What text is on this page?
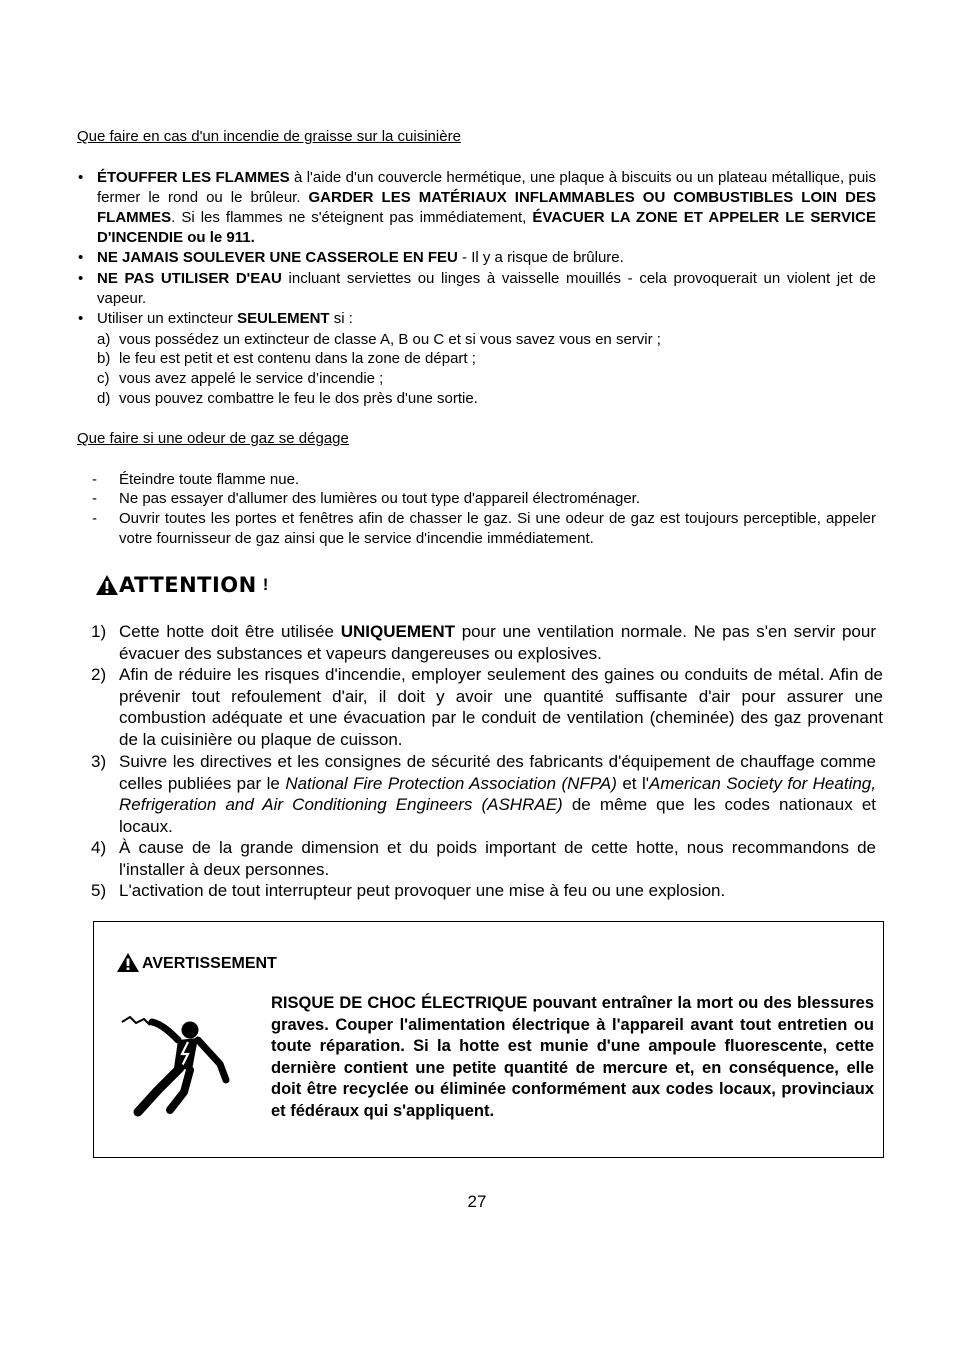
Que faire en cas d'un incendie de graisse sur la cuisinière
• ÉTOUFFER LES FLAMMES à l'aide d'un couvercle hermétique, une plaque à biscuits ou un plateau métallique, puis fermer le rond ou le brûleur. GARDER LES MATÉRIAUX INFLAMMABLES OU COMBUSTIBLES LOIN DES FLAMMES. Si les flammes ne s'éteignent pas immédiatement, ÉVACUER LA ZONE ET APPELER LE SERVICE D'INCENDIE ou le 911.
• NE JAMAIS SOULEVER UNE CASSEROLE EN FEU - Il y a risque de brûlure.
• NE PAS UTILISER D'EAU incluant serviettes ou linges à vaisselle mouillés - cela provoquerait un violent jet de vapeur.
• Utiliser un extincteur SEULEMENT si :
a) vous possédez un extincteur de classe A, B ou C et si vous savez vous en servir ;
b) le feu est petit et est contenu dans la zone de départ ;
c) vous avez appelé le service d’incendie ;
d) vous pouvez combattre le feu le dos près d'une sortie.
Que faire si une odeur de gaz se dégage
- Éteindre toute flamme nue.
- Ne pas essayer d'allumer des lumières ou tout type d'appareil électroménager.
- Ouvrir toutes les portes et fenêtres afin de chasser le gaz. Si une odeur de gaz est toujours perceptible, appeler votre fournisseur de gaz ainsi que le service d'incendie immédiatement.
ATTENTION !
1) Cette hotte doit être utilisée UNIQUEMENT pour une ventilation normale. Ne pas s'en servir pour évacuer des substances et vapeurs dangereuses ou explosives.
2) Afin de réduire les risques d'incendie, employer seulement des gaines ou conduits de métal. Afin de prévenir tout refoulement d'air, il doit y avoir une quantité suffisante d'air pour assurer une combustion adéquate et une évacuation par le conduit de ventilation (cheminée) des gaz provenant de la cuisinière ou plaque de cuisson.
3) Suivre les directives et les consignes de sécurité des fabricants d'équipement de chauffage comme celles publiées par le National Fire Protection Association (NFPA) et l'American Society for Heating, Refrigeration and Air Conditioning Engineers (ASHRAE) de même que les codes nationaux et locaux.
4) À cause de la grande dimension et du poids important de cette hotte, nous recommandons de l'installer à deux personnes.
5) L'activation de tout interrupteur peut provoquer une mise à feu ou une explosion.
AVERTISSEMENT
RISQUE DE CHOC ÉLECTRIQUE pouvant entraîner la mort ou des blessures graves. Couper l'alimentation électrique à l'appareil avant tout entretien ou toute réparation. Si la hotte est munie d'une ampoule fluorescente, cette dernière contient une petite quantité de mercure et, en conséquence, elle doit être recyclée ou éliminée conformément aux codes locaux, provinciaux et fédéraux qui s'appliquent.
27
